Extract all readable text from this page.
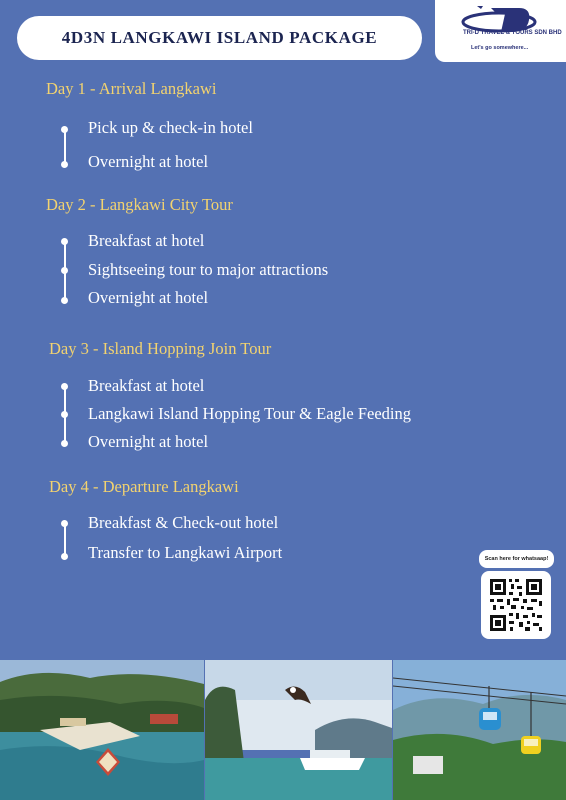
4D3N LANGKAWI ISLAND PACKAGE	TRI-D TRAVEL & TOURS SDN BHD
Let's go somewhere...
Day 1 - Arrival Langkawi
Pick up & check-in hotel
Overnight at hotel
Day 2 - Langkawi City Tour
Breakfast at hotel
Sightseeing tour to major attractions
Overnight at hotel
Day 3 - Island Hopping Join Tour
Breakfast at hotel
Langkawi Island Hopping Tour & Eagle Feeding
Overnight at hotel
Day 4 - Departure Langkawi
Breakfast & Check-out hotel
Transfer to Langkawi Airport	Scan here for whatsaap!
